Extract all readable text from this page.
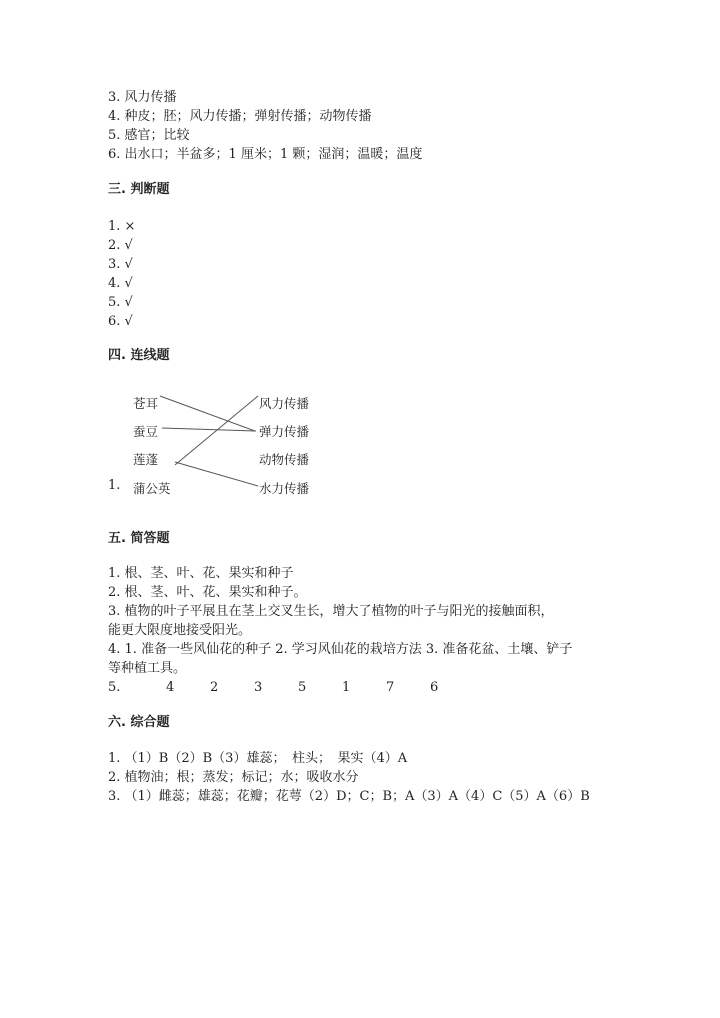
3. 风力传播
4. 种皮；胚；风力传播；弹射传播；动物传播
5. 感官；比较
6. 出水口；半盆多；1 厘米；1 颗；湿润；温暖；温度
三. 判断题
1. ×
2. √
3. √
4. √
5. √
6. √
四. 连线题
苍耳
蚕豆
莲蓬
蒲公英
风力传播
弹力传播
动物传播
水力传播
1.
五. 简答题
1. 根、茎、叶、花、果实和种子
2. 根、茎、叶、花、果实和种子。
3. 植物的叶子平展且在茎上交叉生长，增大了植物的叶子与阳光的接触面积，
能更大限度地接受阳光。
4. 1. 准备一些风仙花的种子 2. 学习风仙花的栽培方法 3. 准备花盆、土壤、铲子
等种植工具。
5.	4	2	3	5	1	7	6
六. 综合题
1. （1）B（2）B（3）雄蕊；　柱头；　果实（4）A
2. 植物油；根；蒸发；标记；水；吸收水分
3. （1）雌蕊；雄蕊；花瓣；花萼（2）D；C；B；A（3）A（4）C（5）A（6）B
